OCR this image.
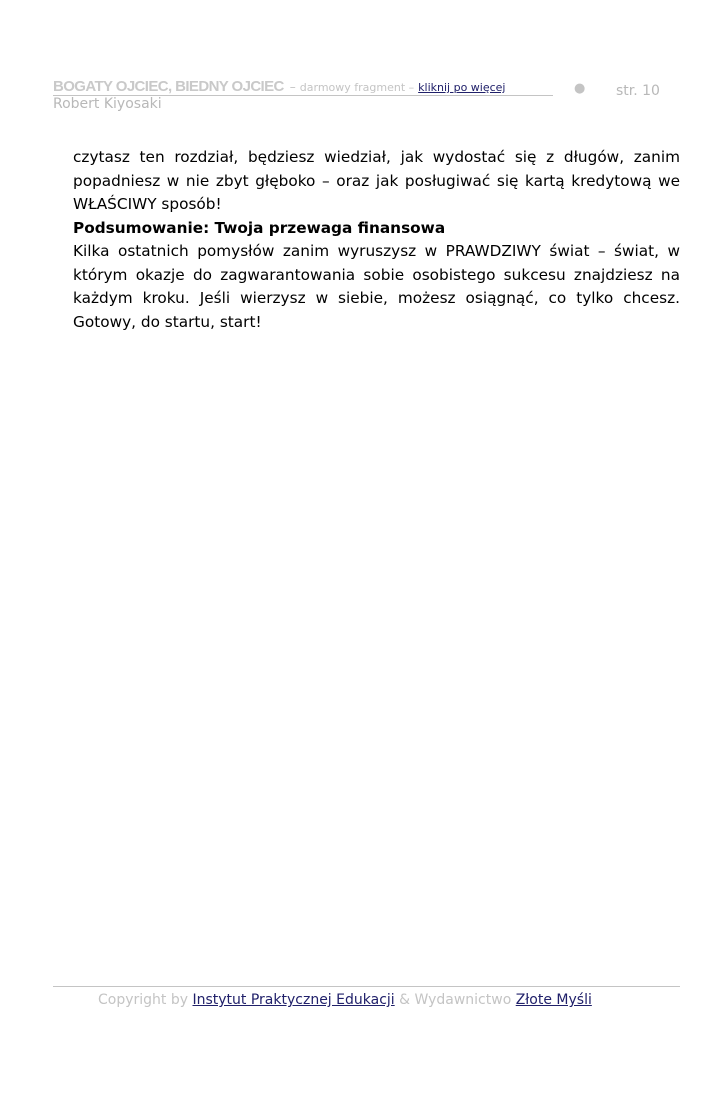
BOGATY OJCIEC, BIEDNY OJCIEC – darmowy fragment – kliknij po więcej
Robert Kiyosaki
● str. 10

czytasz ten rozdział, będziesz wiedział, jak wydostać się z długów, zanim popadniesz w nie zbyt głęboko – oraz jak posługiwać się kartą kredytową we WŁAŚCIWY sposób!

Podsumowanie: Twoja przewaga finansowa

Kilka ostatnich pomysłów zanim wyruszysz w PRAWDZIWY świat – świat, w którym okazje do zagwarantowania sobie osobistego sukcesu znajdziesz na każdym kroku. Jeśli wierzysz w siebie, możesz osiągnąć, co tylko chcesz. Gotowy, do startu, start!

Copyright by Instytut Praktycznej Edukacji & Wydawnictwo Złote Myśli
